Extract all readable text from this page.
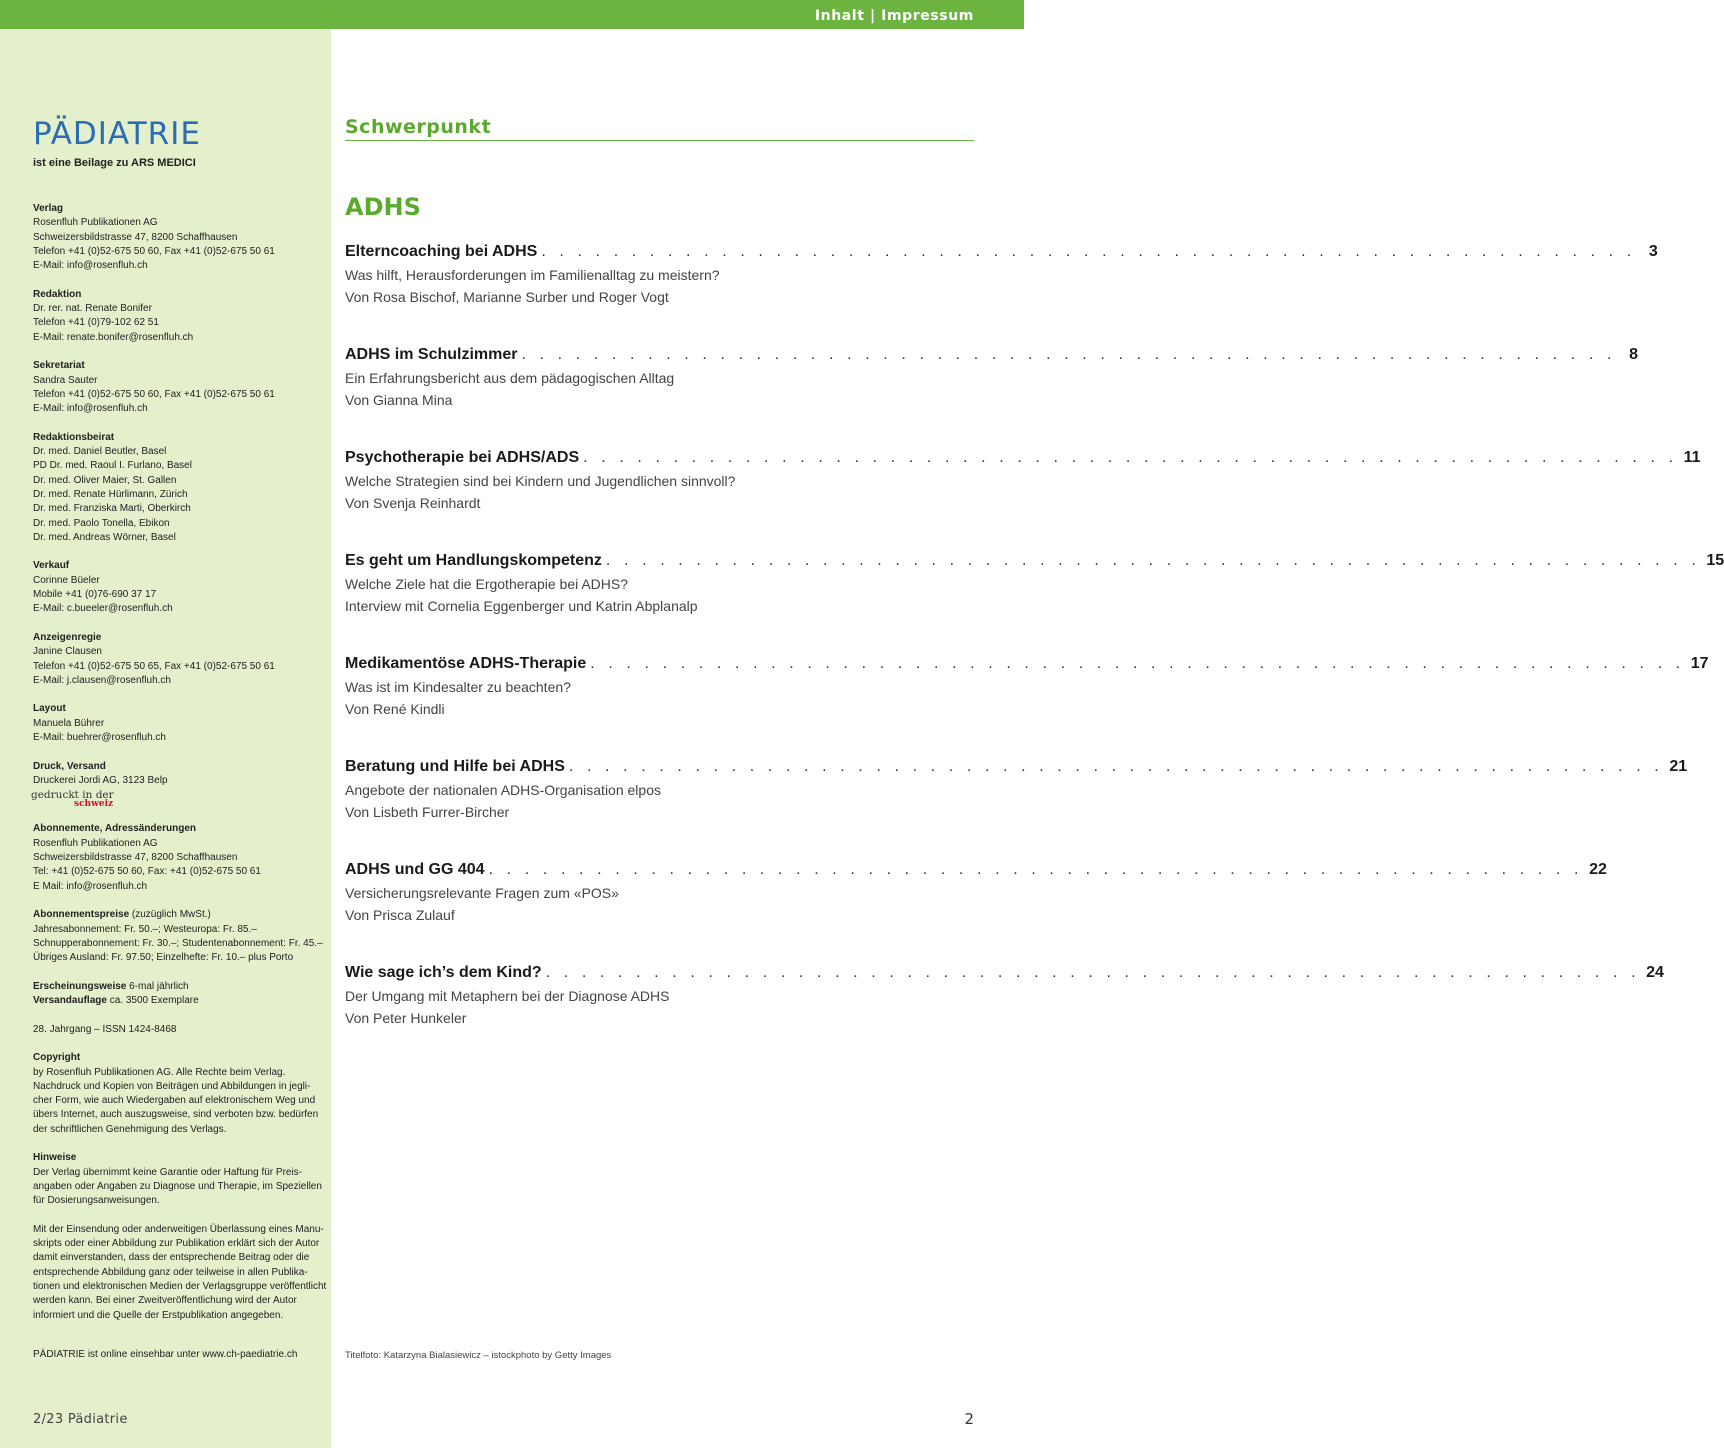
Inhalt | Impressum
PÄDIATRIE
ist eine Beilage zu ARS MEDICI
Verlag
Rosenfluh Publikationen AG
Schweizersbildstrasse 47, 8200 Schaffhausen
Telefon +41 (0)52-675 50 60, Fax +41 (0)52-675 50 61
E-Mail: info@rosenfluh.ch
Redaktion
Dr. rer. nat. Renate Bonifer
Telefon +41 (0)79-102 62 51
E-Mail: renate.bonifer@rosenfluh.ch
Sekretariat
Sandra Sauter
Telefon +41 (0)52-675 50 60, Fax +41 (0)52-675 50 61
E-Mail: info@rosenfluh.ch
Redaktionsbeirat
Dr. med. Daniel Beutler, Basel
PD Dr. med. Raoul I. Furlano, Basel
Dr. med. Oliver Maier, St. Gallen
Dr. med. Renate Hürlimann, Zürich
Dr. med. Franziska Marti, Oberkirch
Dr. med. Paolo Tonella, Ebikon
Dr. med. Andreas Wörner, Basel
Verkauf
Corinne Büeler
Mobile +41 (0)76-690 37 17
E-Mail: c.bueeler@rosenfluh.ch
Anzeigenregie
Janine Clausen
Telefon +41 (0)52-675 50 65, Fax +41 (0)52-675 50 61
E-Mail: j.clausen@rosenfluh.ch
Layout
Manuela Bührer
E-Mail: buehrer@rosenfluh.ch
Druck, Versand
Druckerei Jordi AG, 3123 Belp
gedruckt in der
schweiz
Abonnemente, Adressänderungen
Rosenfluh Publikationen AG
Schweizersbildstrasse 47, 8200 Schaffhausen
Tel: +41 (0)52-675 50 60, Fax: +41 (0)52-675 50 61
E Mail: info@rosenfluh.ch
Abonnementspreise (zuzüglich MwSt.)
Jahresabonnement: Fr. 50.–; Westeuropa: Fr. 85.–
Schnupperabonnement: Fr. 30.–; Studentenabonnement: Fr. 45.–
Übriges Ausland: Fr. 97.50; Einzelhefte: Fr. 10.– plus Porto
Erscheinungsweise 6-mal jährlich
Versandauflage ca. 3500 Exemplare
28. Jahrgang – ISSN 1424-8468
Copyright
by Rosenfluh Publikationen AG. Alle Rechte beim Verlag.
Nachdruck und Kopien von Beiträgen und Abbildungen in jegli-
cher Form, wie auch Wiedergaben auf elektronischem Weg und
übers Internet, auch auszugsweise, sind verboten bzw. bedürfen
der schriftlichen Genehmigung des Verlags.
Hinweise
Der Verlag übernimmt keine Garantie oder Haftung für Preis-
angaben oder Angaben zu Diagnose und Therapie, im Speziellen
für Dosierungsanweisungen.
Mit der Einsendung oder anderweitigen Überlassung eines Manu-
skripts oder einer Abbildung zur Publikation erklärt sich der Autor
damit einverstanden, dass der entsprechende Beitrag oder die
entsprechende Abbildung ganz oder teilweise in allen Publika-
tionen und elektronischen Medien der Verlagsgruppe veröffentlicht
werden kann. Bei einer Zweitveröffentlichung wird der Autor
informiert und die Quelle der Erstpublikation angegeben.
PÄDIATRIE ist online einsehbar unter www.ch-paediatrie.ch
Schwerpunkt
ADHS
Elterncoaching bei ADHS . . . . . . . . . . . . . . . . . . . . . . . . . . . . . . . . . . . . . . . . . . . . . . . . . . . . . . . . . . . . . 3
Was hilft, Herausforderungen im Familienalltag zu meistern?
Von Rosa Bischof, Marianne Surber und Roger Vogt
ADHS im Schulzimmer . . . . . . . . . . . . . . . . . . . . . . . . . . . . . . . . . . . . . . . . . . . . . . . . . . . . . . . . . . . . . 8
Ein Erfahrungsbericht aus dem pädagogischen Alltag
Von Gianna Mina
Psychotherapie bei ADHS/ADS . . . . . . . . . . . . . . . . . . . . . . . . . . . . . . . . . . . . . . . . . . . . . . . . . . . . . . . . . . . . . 11
Welche Strategien sind bei Kindern und Jugendlichen sinnvoll?
Von Svenja Reinhardt
Es geht um Handlungskompetenz . . . . . . . . . . . . . . . . . . . . . . . . . . . . . . . . . . . . . . . . . . . . . . . . . . . . . . . . . . . . . 15
Welche Ziele hat die Ergotherapie bei ADHS?
Interview mit Cornelia Eggenberger und Katrin Abplanalp
Medikamentöse ADHS-Therapie . . . . . . . . . . . . . . . . . . . . . . . . . . . . . . . . . . . . . . . . . . . . . . . . . . . . . . . . . . . . . 17
Was ist im Kindesalter zu beachten?
Von René Kindli
Beratung und Hilfe bei ADHS . . . . . . . . . . . . . . . . . . . . . . . . . . . . . . . . . . . . . . . . . . . . . . . . . . . . . . . . . . . . . 21
Angebote der nationalen ADHS-Organisation elpos
Von Lisbeth Furrer-Bircher
ADHS und GG 404 . . . . . . . . . . . . . . . . . . . . . . . . . . . . . . . . . . . . . . . . . . . . . . . . . . . . . . . . . . . . . 22
Versicherungsrelevante Fragen zum «POS»
Von Prisca Zulauf
Wie sage ich’s dem Kind? . . . . . . . . . . . . . . . . . . . . . . . . . . . . . . . . . . . . . . . . . . . . . . . . . . . . . . . . . . . . . 24
Der Umgang mit Metaphern bei der Diagnose ADHS
Von Peter Hunkeler
Titelfoto: Katarzyna Bialasiewicz – istockphoto by Getty Images
2/23 Pädiatrie	2
